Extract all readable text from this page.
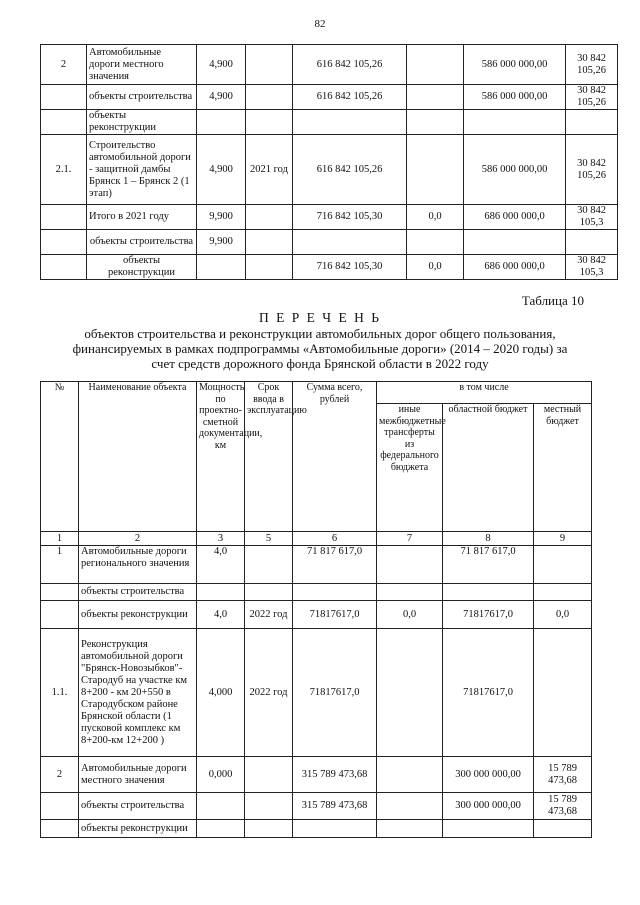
82
2	Автомобильные дороги местного значения	4,900		616 842 105,26		586 000 000,00	30 842 105,26
	объекты строительства	4,900		616 842 105,26		586 000 000,00	30 842 105,26
	объекты реконструкции						
2.1.	Строительство автомобильной дороги - защитной дамбы Брянск 1 – Брянск 2 (1 этап)	4,900	2021 год	616 842 105,26		586 000 000,00	30 842 105,26
	Итого в 2021 году	9,900		716 842 105,30	0,0	686 000 000,0	30 842 105,3
	объекты строительства	9,900					
	объекты реконструкции			716 842 105,30	0,0	686 000 000,0	30 842 105,3
Таблица 10
П Е Р Е Ч Е Н Ь
объектов строительства и реконструкции автомобильных дорог общего пользования, финансируемых в рамках подпрограммы «Автомобильные дороги» (2014 – 2020 годы) за счет средств дорожного фонда Брянской области в 2022 году
№	Наименование объекта	Мощность по проектно-сметной документации, км	Срок ввода в эксплуатацию	Сумма всего, рублей	в том числе		
					иные межбюджетные трансферты из федерального бюджета	областной бюджет	местный бюджет
1	2	3	5	6	7	8	9
1	Автомобильные дороги регионального значения	4,0		71 817 617,0		71 817 617,0	
	объекты строительства						
	объекты реконструкции	4,0	2022 год	71817617,0	0,0	71817617,0	0,0
1.1.	Реконструкция автомобильной дороги "Брянск-Новозыбков"-Стародуб на участке км 8+200 - км 20+550 в Стародубском районе Брянской области (1 пусковой комплекс км 8+200-км 12+200 )	4,000	2022 год	71817617,0		71817617,0	
2	Автомобильные дороги местного значения	0,000		315 789 473,68		300 000 000,00	15 789 473,68
	объекты строительства			315 789 473,68		300 000 000,00	15 789 473,68
	объекты реконструкции						
